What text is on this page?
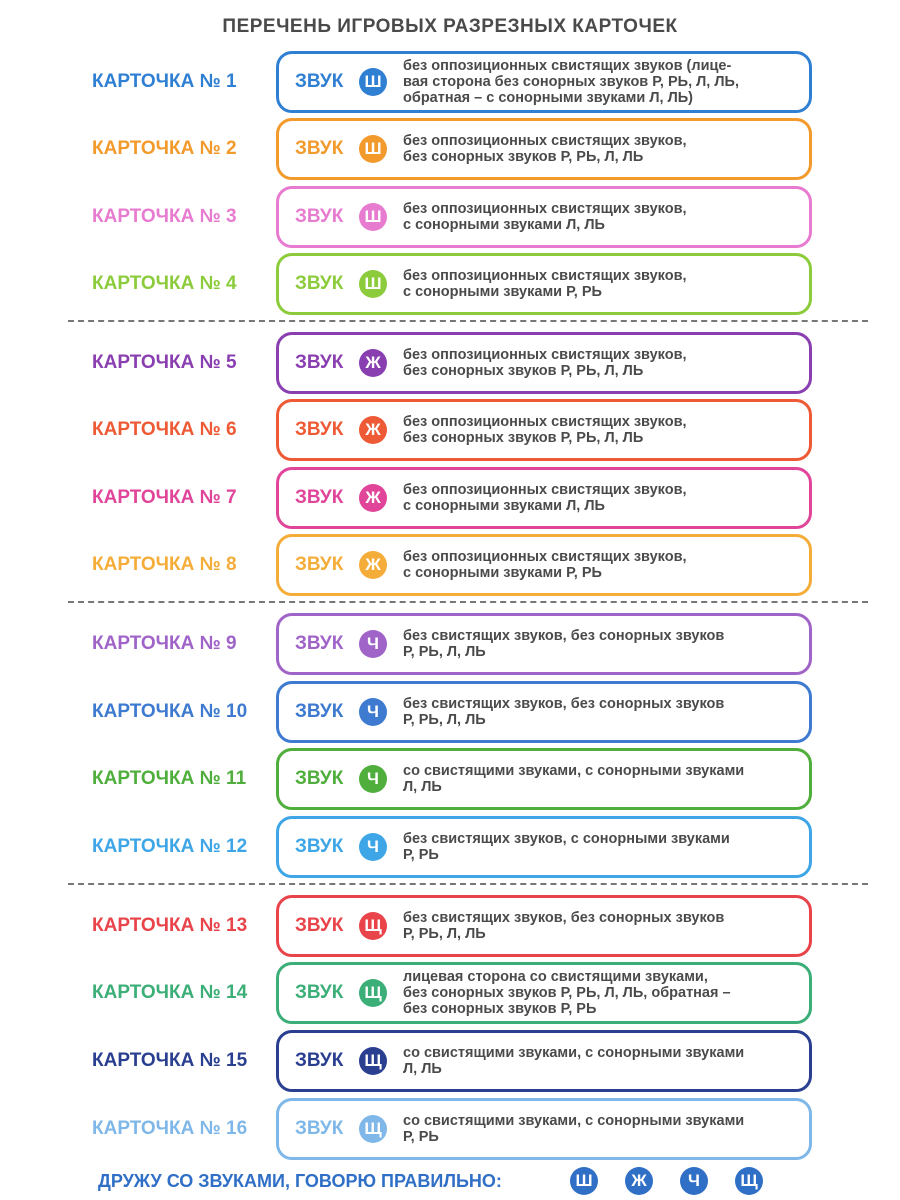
ПЕРЕЧЕНЬ ИГРОВЫХ РАЗРЕЗНЫХ КАРТОЧЕК
КАРТОЧКА № 1	ЗВУК	Ш
без оппозиционных свистящих звуков (лице-
вая сторона без сонорных звуков Р, РЬ, Л, ЛЬ,
обратная – с сонорными звуками Л, ЛЬ)
КАРТОЧКА № 2	ЗВУК	Ш	без оппозиционных свистящих звуков,
без сонорных звуков Р, РЬ, Л, ЛЬ
КАРТОЧКА № 3	ЗВУК	Ш	без оппозиционных свистящих звуков,
с сонорными звуками Л, ЛЬ
КАРТОЧКА № 4	ЗВУК	Ш	без оппозиционных свистящих звуков,
с сонорными звуками Р, РЬ
КАРТОЧКА № 5	ЗВУК	Ж	без оппозиционных свистящих звуков,
без сонорных звуков Р, РЬ, Л, ЛЬ
КАРТОЧКА № 6	ЗВУК	Ж	без оппозиционных свистящих звуков,
без сонорных звуков Р, РЬ, Л, ЛЬ
КАРТОЧКА № 7	ЗВУК	Ж	без оппозиционных свистящих звуков,
с сонорными звуками Л, ЛЬ
КАРТОЧКА № 8	ЗВУК	Ж	без оппозиционных свистящих звуков,
с сонорными звуками Р, РЬ
КАРТОЧКА № 9	ЗВУК	Ч	без свистящих звуков, без сонорных звуков
Р, РЬ, Л, ЛЬ
КАРТОЧКА № 10	ЗВУК	Ч	без свистящих звуков, без сонорных звуков
Р, РЬ, Л, ЛЬ
КАРТОЧКА № 11	ЗВУК	Ч	со свистящими звуками, с сонорными звуками
Л, ЛЬ
КАРТОЧКА № 12	ЗВУК	Ч	без свистящих звуков, с сонорными звуками
Р, РЬ
КАРТОЧКА № 13	ЗВУК	Щ	без свистящих звуков, без сонорных звуков
Р, РЬ, Л, ЛЬ
КАРТОЧКА № 14	ЗВУК	Щ
лицевая сторона со свистящими звуками,
без сонорных звуков Р, РЬ, Л, ЛЬ, обратная –
без сонорных звуков Р, РЬ
КАРТОЧКА № 15	ЗВУК	Щ	со свистящими звуками, с сонорными звуками
Л, ЛЬ
КАРТОЧКА № 16	ЗВУК	Щ	со свистящими звуками, с сонорными звуками
Р, РЬ
ДРУЖУ СО ЗВУКАМИ, ГОВОРЮ ПРАВИЛЬНО:	Ш	Ж	Ч	Щ
